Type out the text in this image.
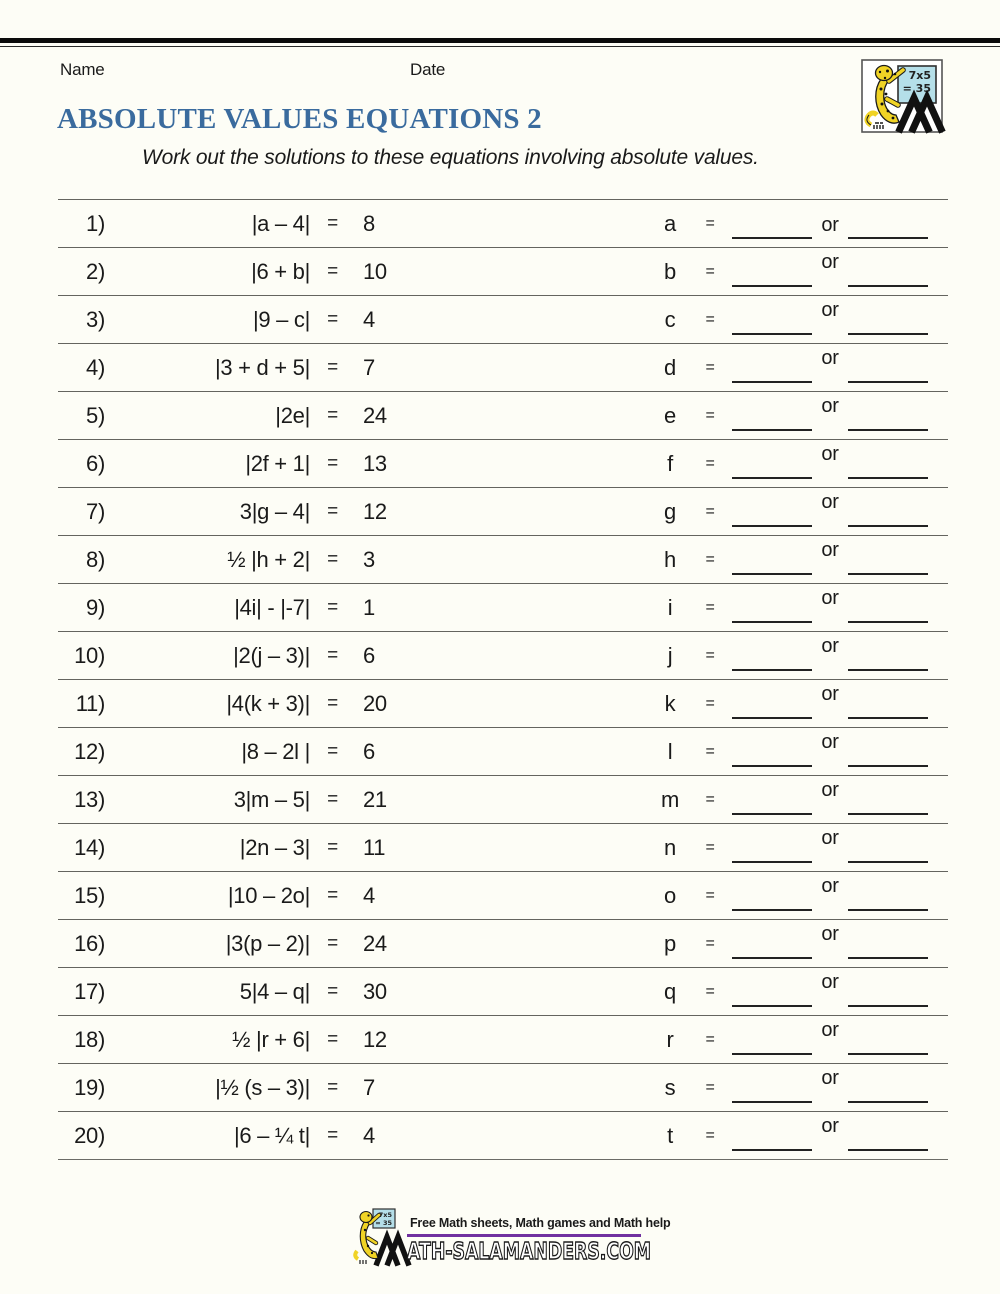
Name	Date	7x5
= 35
ABSOLUTE VALUES EQUATIONS 2
Work out the solutions to these equations involving absolute values.
1)	|a – 4| =	8	a	=	or
2)	|6 + b| =	10	b	=	or
3)	|9 – c| =	4	c	=	or
4)	|3 + d + 5| =	7	d	=	or
5)	|2e| =	24	e	=	or
6)	|2f + 1| =	13	f	=	or
7)	3|g – 4| =	12	g	=	or
8)	½ |h + 2| =	3	h	=	or
9)	|4i| - |-7| =	1	i	=	or
10)	|2(j – 3)| =	6	j	=	or
11)	|4(k + 3)| =	20	k	=	or
12)	|8 – 2l | =	6	l	=	or
13)	3|m – 5| =	21	m	=	or
14)	|2n – 3| =	11	n	=	or
15)	|10 – 2o| =	4	o	=	or
16)	|3(p – 2)| =	24	p	=	or
17)	5|4 – q| =	30	q	=	or
18)	½ |r + 6| =	12	r	=	or
19)	|½ (s – 3)| =	7	s	=	or
20)	|6 – ¼ t| =	4	t	=	or
7x5
= 35 Free Math sheets, Math games and Math help
ATH-SALAMANDERS.COM
